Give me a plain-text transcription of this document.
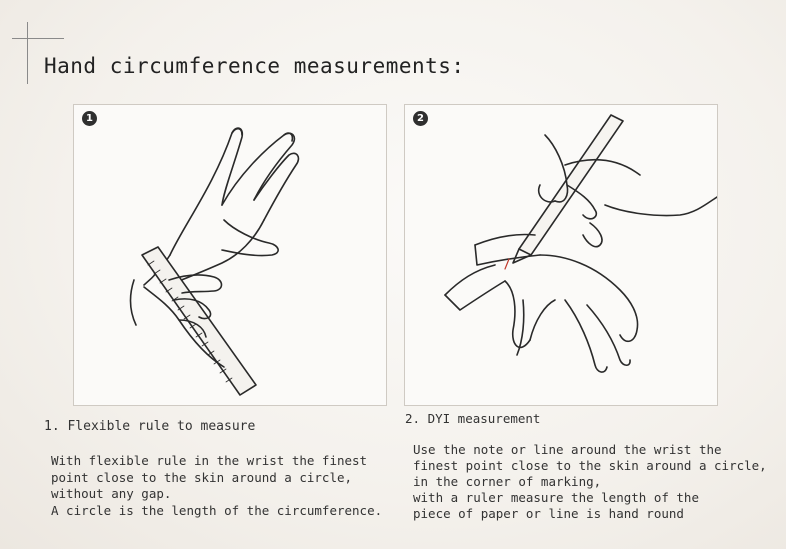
Hand circumference measurements:
1	2
1. Flexible rule to measure
With flexible rule in the wrist the finest
point close to the skin around a circle,
without any gap.
A circle is the length of the circumference.
2. DYI measurement
Use the note or line around the wrist the
finest point close to the skin around a circle,
in the corner of marking,
with a ruler measure the length of the
piece of paper or line is hand round
